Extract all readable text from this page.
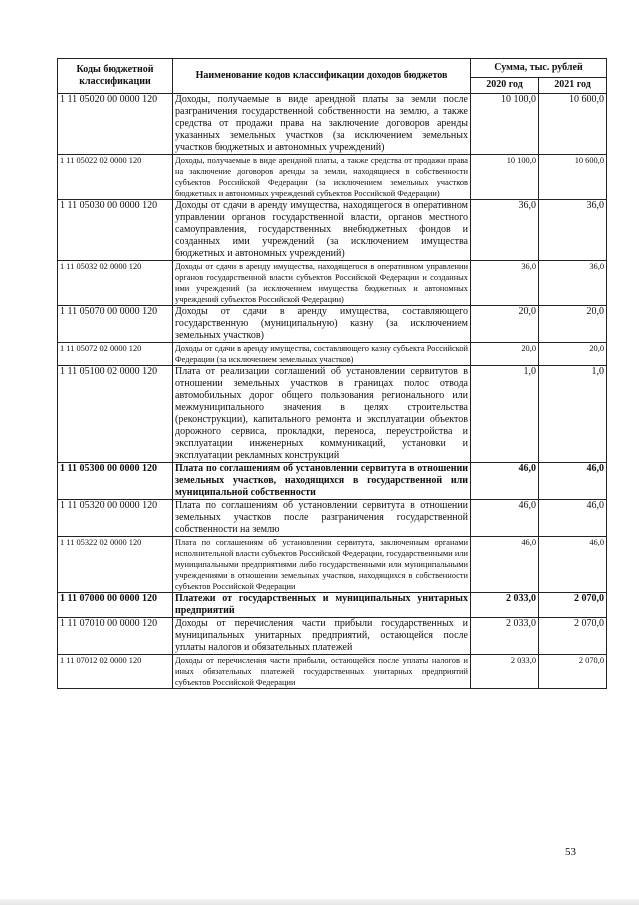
Коды бюджетной классификации	Наименование кодов классификации доходов бюджетов	Сумма, тыс. рублей	
		2020 год	2021 год
1 11 05020 00 0000 120	Доходы, получаемые в виде арендной платы за земли после разграничения государственной собственности на землю, а также средства от продажи права на заключение договоров аренды указанных земельных участков (за исключением земельных участков бюджетных и автономных учреждений)	10 100,0	10 600,0
1 11 05022 02 0000 120	Доходы, получаемые в виде арендной платы, а также средства от продажи права на заключение договоров аренды за земли, находящиеся в собственности субъектов Российской Федерации (за исключением земельных участков бюджетных и автономных учреждений субъектов Российской Федерации)	10 100,0	10 600,0
1 11 05030 00 0000 120	Доходы от сдачи в аренду имущества, находящегося в оперативном управлении органов государственной власти, органов местного самоуправления, государственных внебюджетных фондов и созданных ими учреждений (за исключением имущества бюджетных и автономных учреждений)	36,0	36,0
1 11 05032 02 0000 120	Доходы от сдачи в аренду имущества, находящегося в оперативном управлении органов государственной власти субъектов Российской Федерации и созданных ими учреждений (за исключением имущества бюджетных и автономных учреждений субъектов Российской Федерации)	36,0	36,0
1 11 05070 00 0000 120	Доходы от сдачи в аренду имущества, составляющего государственную (муниципальную) казну (за исключением земельных участков)	20,0	20,0
1 11 05072 02 0000 120	Доходы от сдачи в аренду имущества, составляющего казну субъекта Российской Федерации (за исключением земельных участков)	20,0	20,0
1 11 05100 02 0000 120	Плата от реализации соглашений об установлении сервитутов в отношении земельных участков в границах полос отвода автомобильных дорог общего пользования регионального или межмуниципального значения в целях строительства (реконструкции), капитального ремонта и эксплуатации объектов дорожного сервиса, прокладки, переноса, переустройства и эксплуатации инженерных коммуникаций, установки и эксплуатации рекламных конструкций	1,0	1,0
1 11 05300 00 0000 120	Плата по соглашениям об установлении сервитута в отношении земельных участков, находящихся в государственной или муниципальной собственности	46,0	46,0
1 11 05320 00 0000 120	Плата по соглашениям об установлении сервитута в отношении земельных участков после разграничения государственной собственности на землю	46,0	46,0
1 11 05322 02 0000 120	Плата по соглашениям об установлении сервитута, заключенным органами исполнительной власти субъектов Российской Федерации, государственными или муниципальными предприятиями либо государственными или муниципальными учреждениями в отношении земельных участков, находящихся в собственности субъектов Российской Федерации	46,0	46,0
1 11 07000 00 0000 120	Платежи от государственных и муниципальных унитарных предприятий	2 033,0	2 070,0
1 11 07010 00 0000 120	Доходы от перечисления части прибыли государственных и муниципальных унитарных предприятий, остающейся после уплаты налогов и обязательных платежей	2 033,0	2 070,0
1 11 07012 02 0000 120	Доходы от перечисления части прибыли, остающейся после уплаты налогов и иных обязательных платежей государственных унитарных предприятий субъектов Российской Федерации	2 033,0	2 070,0
53
